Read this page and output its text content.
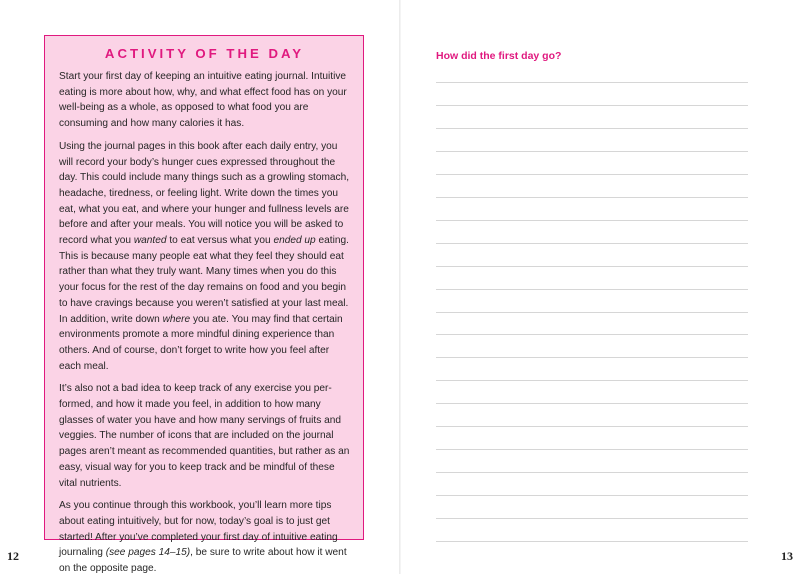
ACTIVITY OF THE DAY

Start your first day of keeping an intuitive eating journal. Intuitive eating is more about how, why, and what effect food has on your well-being as a whole, as opposed to what food you are consuming and how many calories it has.

Using the journal pages in this book after each daily entry, you will record your body’s hunger cues expressed throughout the day. This could include many things such as a growling stomach, headache, tiredness, or feeling light. Write down the times you eat, what you eat, and where your hunger and fullness levels are before and after your meals. You will notice you will be asked to record what you wanted to eat versus what you ended up eating. This is because many people eat what they feel they should eat rather than what they truly want. Many times when you do this your focus for the rest of the day remains on food and you begin to have cravings because you weren’t satisfied at your last meal. In addition, write down where you ate. You may find that certain environments promote a more mindful dining experience than others. And of course, don’t forget to write how you feel after each meal.

It’s also not a bad idea to keep track of any exercise you performed, and how it made you feel, in addition to how many glasses of water you have and how many servings of fruits and veggies. The number of icons that are included on the journal pages aren’t meant as recommended quantities, but rather as an easy, visual way for you to keep track and be mindful of these vital nutrients.

As you continue through this workbook, you’ll learn more tips about eating intuitively, but for now, today’s goal is to just get started! After you’ve completed your first day of intuitive eating journaling (see pages 14–15), be sure to write about how it went on the opposite page.

12
How did the first day go?
13
